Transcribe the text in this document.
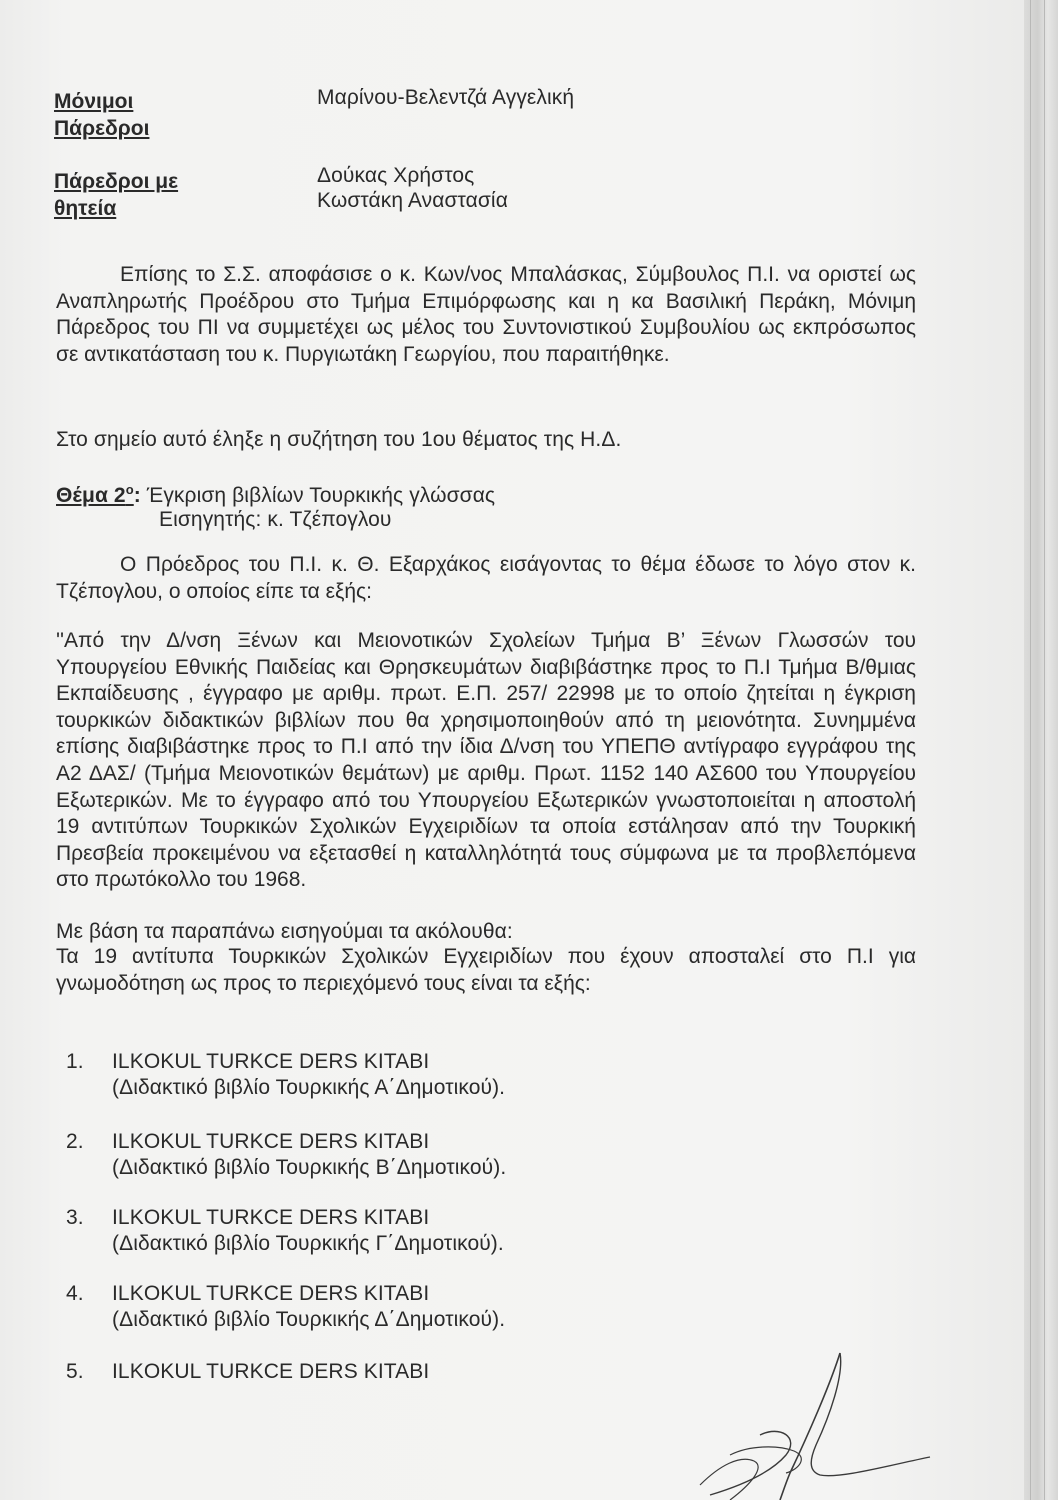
Μόνιμοι
Πάρεδροι
Μαρίνου-Βελεντζά Αγγελική
Πάρεδροι με
θητεία
Δούκας Χρήστος
Κωστάκη Αναστασία
Επίσης το Σ.Σ. αποφάσισε ο κ. Κων/νος Μπαλάσκας, Σύμβουλος Π.Ι. να οριστεί ως Αναπληρωτής Προέδρου στο Τμήμα Επιμόρφωσης και η κα Βασιλική Περάκη, Μόνιμη Πάρεδρος του ΠΙ να συμμετέχει ως μέλος του Συντονιστικού Συμβουλίου ως εκπρόσωπος σε αντικατάσταση του κ. Πυργιωτάκη Γεωργίου, που παραιτήθηκε.
Στο σημείο αυτό έληξε η συζήτηση του 1ου θέματος της Η.Δ.
Θέμα $2^o$: Έγκριση βιβλίων Τουρκικής γλώσσας
Εισηγητής: κ. Τζέπογλου
Ο Πρόεδρος του Π.Ι. κ. Θ. Εξαρχάκος εισάγοντας το θέμα έδωσε το λόγο στον κ. Τζέπογλου, ο οποίος είπε τα εξής:
''Από την Δ/νση Ξένων και Μειονοτικών Σχολείων Τμήμα Β’ Ξένων Γλωσσών του Υπουργείου Εθνικής Παιδείας και Θρησκευμάτων διαβιβάστηκε προς το Π.Ι Τμήμα Β/θμιας Εκπαίδευσης , έγγραφο με αριθμ. πρωτ. Ε.Π. 257/ 22998 με το οποίο ζητείται η έγκριση τουρκικών διδακτικών βιβλίων που θα χρησιμοποιηθούν από τη μειονότητα. Συνημμένα επίσης διαβιβάστηκε προς το Π.Ι από την ίδια Δ/νση του ΥΠΕΠΘ αντίγραφο εγγράφου της Α2 ΔΑΣ/ (Τμήμα Μειονοτικών θεμάτων) με αριθμ. Πρωτ. 1152 140 ΑΣ600 του Υπουργείου Εξωτερικών. Με το έγγραφο από του Υπουργείου Εξωτερικών γνωστοποιείται η αποστολή 19 αντιτύπων Τουρκικών Σχολικών Εγχειριδίων τα οποία εστάλησαν από την Τουρκική Πρεσβεία προκειμένου να εξετασθεί η καταλληλότητά τους σύμφωνα με τα προβλεπόμενα στο πρωτόκολλο του 1968.
Με βάση τα παραπάνω εισηγούμαι τα ακόλουθα:
Τα 19 αντίτυπα Τουρκικών Σχολικών Εγχειριδίων που έχουν αποσταλεί στο Π.Ι για γνωμοδότηση ως προς το περιεχόμενό τους είναι τα εξής:
1. ILKOKUL TURKCE DERS KITABI
(Διδακτικό βιβλίο Τουρκικής Α΄Δημοτικού).
2. ILKOKUL TURKCE DERS KITABI
(Διδακτικό βιβλίο Τουρκικής Β΄Δημοτικού).
3. ILKOKUL TURKCE DERS KITABI
(Διδακτικό βιβλίο Τουρκικής Γ΄Δημοτικού).
4. ILKOKUL TURKCE DERS KITABI
(Διδακτικό βιβλίο Τουρκικής Δ΄Δημοτικού).
5. ILKOKUL TURKCE DERS KITABI
